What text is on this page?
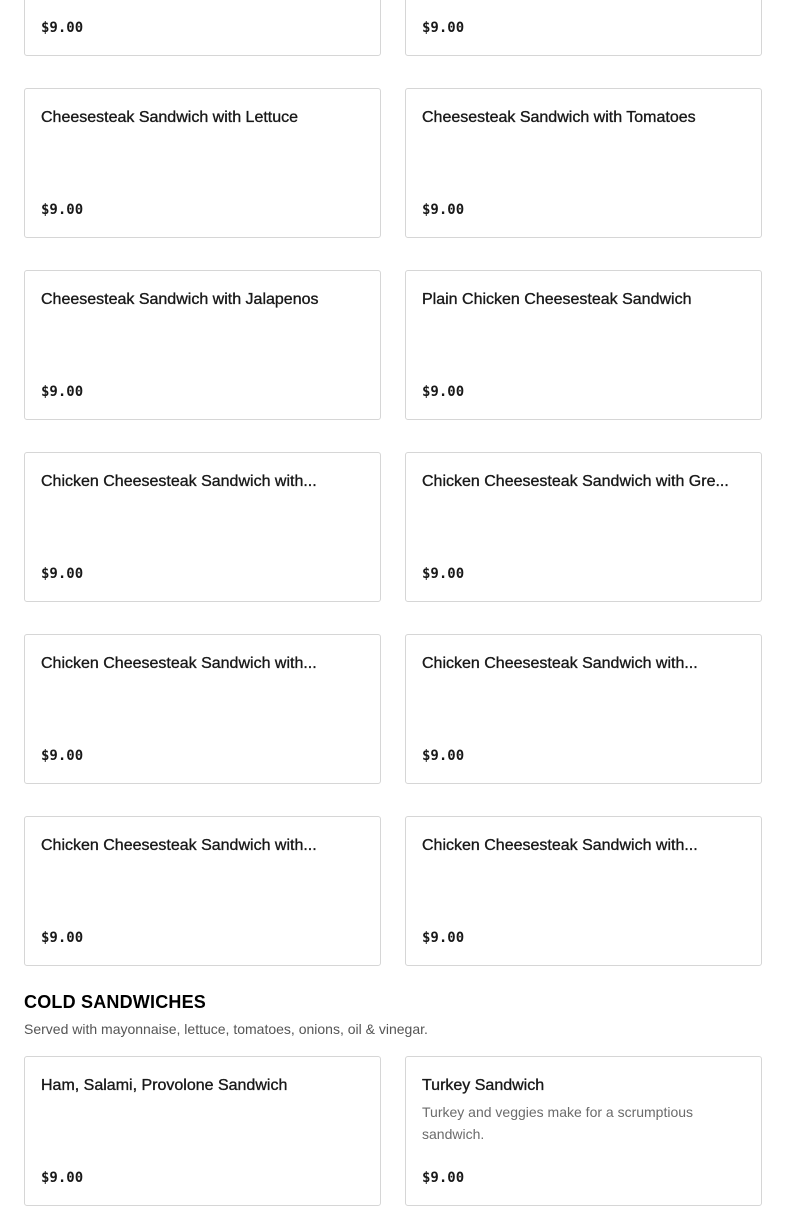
$9.00	$9.00
Cheesesteak Sandwich with Lettuce
$9.00
Cheesesteak Sandwich with Tomatoes
$9.00
Cheesesteak Sandwich with Jalapenos
$9.00
Plain Chicken Cheesesteak Sandwich
$9.00
Chicken Cheesesteak Sandwich with...
$9.00
Chicken Cheesesteak Sandwich with Gre...
$9.00
Chicken Cheesesteak Sandwich with...
$9.00
Chicken Cheesesteak Sandwich with...
$9.00
Chicken Cheesesteak Sandwich with...
$9.00
Chicken Cheesesteak Sandwich with...
$9.00
COLD SANDWICHES

Served with mayonnaise, lettuce, tomatoes, onions, oil & vinegar.

Ham, Salami, Provolone Sandwich
$9.00
Turkey Sandwich
Turkey and veggies make for a scrumptious sandwich.
$9.00
